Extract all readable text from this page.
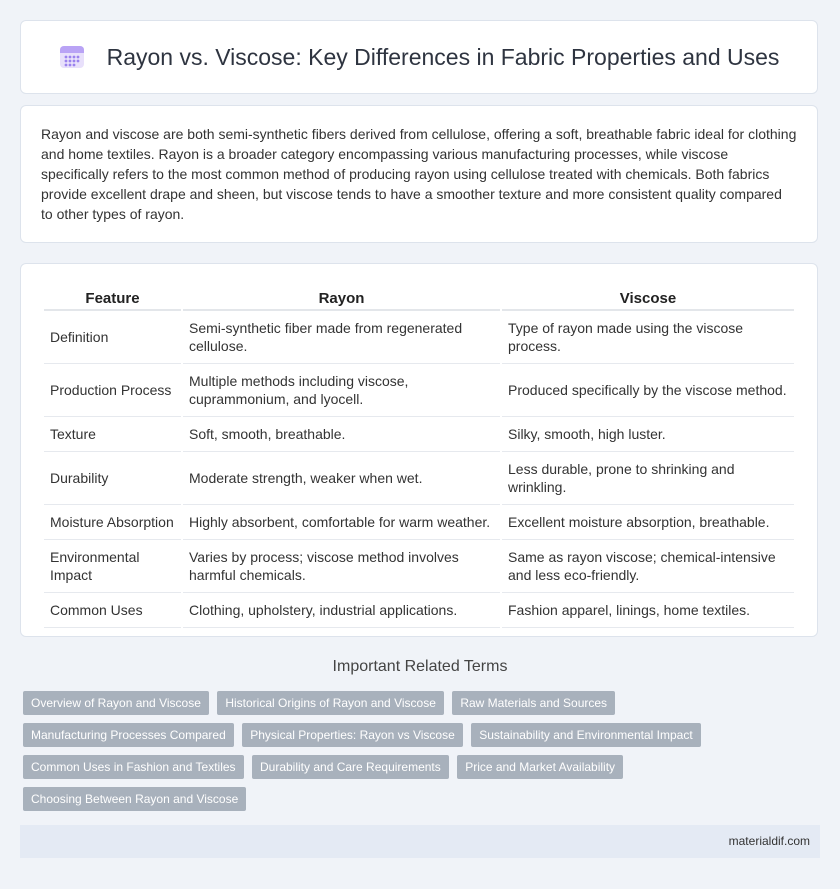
Rayon vs. Viscose: Key Differences in Fabric Properties and Uses
Rayon and viscose are both semi-synthetic fibers derived from cellulose, offering a soft, breathable fabric ideal for clothing and home textiles. Rayon is a broader category encompassing various manufacturing processes, while viscose specifically refers to the most common method of producing rayon using cellulose treated with chemicals. Both fabrics provide excellent drape and sheen, but viscose tends to have a smoother texture and more consistent quality compared to other types of rayon.
Feature	Rayon	Viscose
Definition	Semi-synthetic fiber made from regenerated cellulose.	Type of rayon made using the viscose process.
Production Process	Multiple methods including viscose, cuprammonium, and lyocell.	Produced specifically by the viscose method.
Texture	Soft, smooth, breathable.	Silky, smooth, high luster.
Durability	Moderate strength, weaker when wet.	Less durable, prone to shrinking and wrinkling.
Moisture Absorption	Highly absorbent, comfortable for warm weather.	Excellent moisture absorption, breathable.
Environmental Impact	Varies by process; viscose method involves harmful chemicals.	Same as rayon viscose; chemical-intensive and less eco-friendly.
Common Uses	Clothing, upholstery, industrial applications.	Fashion apparel, linings, home textiles.
Important Related Terms
Overview of Rayon and Viscose Historical Origins of Rayon and Viscose Raw Materials and Sources
Manufacturing Processes Compared Physical Properties: Rayon vs Viscose Sustainability and Environmental Impact
Common Uses in Fashion and Textiles Durability and Care Requirements Price and Market Availability
Choosing Between Rayon and Viscose
materialdif.com
